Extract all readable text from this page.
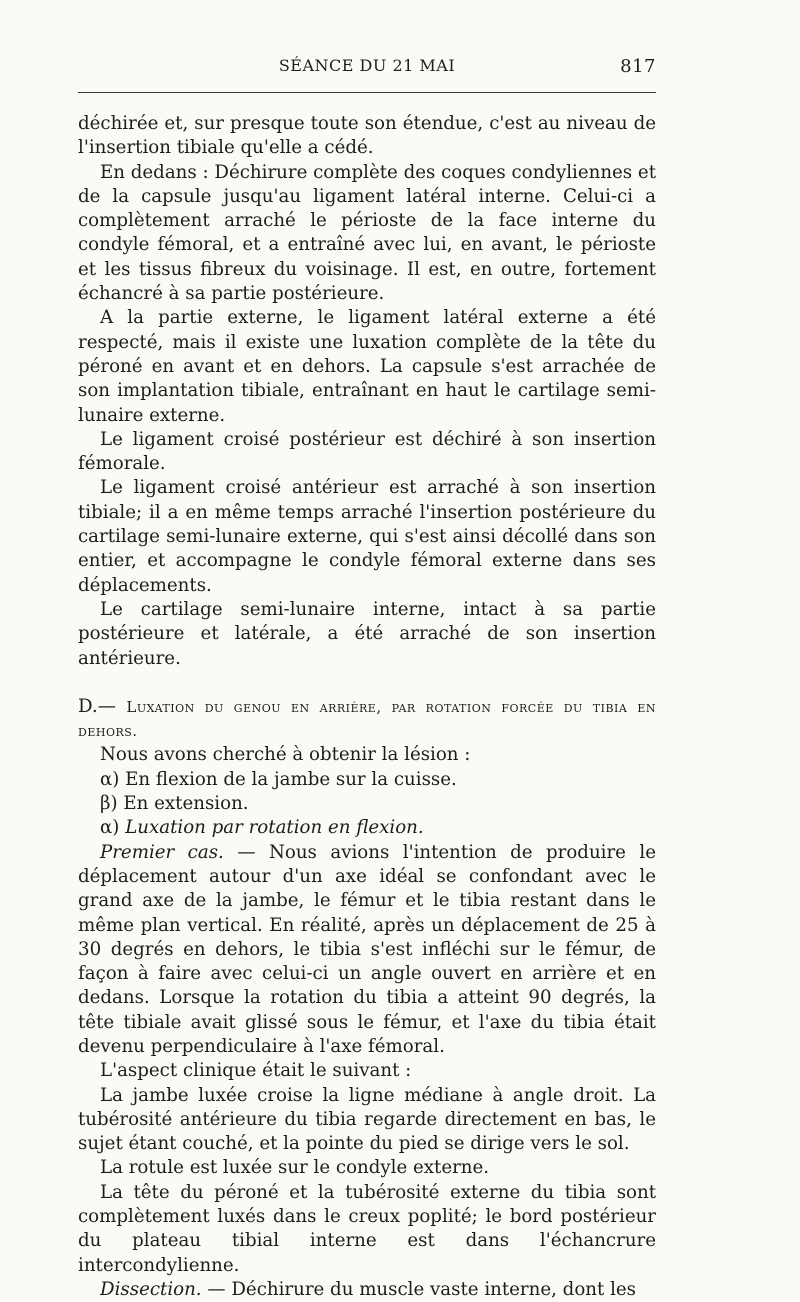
SÉANCE DU 21 MAI	817

déchirée et, sur presque toute son étendue, c'est au niveau de l'insertion tibiale qu'elle a cédé.

En dedans : Déchirure complète des coques condyliennes et de la capsule jusqu'au ligament latéral interne. Celui-ci a complètement arraché le périoste de la face interne du condyle fémoral, et a entraîné avec lui, en avant, le périoste et les tissus fibreux du voisinage. Il est, en outre, fortement échancré à sa partie postérieure.

A la partie externe, le ligament latéral externe a été respecté, mais il existe une luxation complète de la tête du péroné en avant et en dehors. La capsule s'est arrachée de son implantation tibiale, entraînant en haut le cartilage semi-lunaire externe.

Le ligament croisé postérieur est déchiré à son insertion fémorale.

Le ligament croisé antérieur est arraché à son insertion tibiale; il a en même temps arraché l'insertion postérieure du cartilage semi-lunaire externe, qui s'est ainsi décollé dans son entier, et accompagne le condyle fémoral externe dans ses déplacements.

Le cartilage semi-lunaire interne, intact à sa partie postérieure et latérale, a été arraché de son insertion antérieure.

D.— Luxation du genou en arrière, par rotation forcée du tibia en dehors.

Nous avons cherché à obtenir la lésion :

α) En flexion de la jambe sur la cuisse.

β) En extension.

α) Luxation par rotation en flexion.

Premier cas. — Nous avions l'intention de produire le déplacement autour d'un axe idéal se confondant avec le grand axe de la jambe, le fémur et le tibia restant dans le même plan vertical. En réalité, après un déplacement de 25 à 30 degrés en dehors, le tibia s'est infléchi sur le fémur, de façon à faire avec celui-ci un angle ouvert en arrière et en dedans. Lorsque la rotation du tibia a atteint 90 degrés, la tête tibiale avait glissé sous le fémur, et l'axe du tibia était devenu perpendiculaire à l'axe fémoral.

L'aspect clinique était le suivant :

La jambe luxée croise la ligne médiane à angle droit. La tubérosité antérieure du tibia regarde directement en bas, le sujet étant couché, et la pointe du pied se dirige vers le sol.

La rotule est luxée sur le condyle externe.

La tête du péroné et la tubérosité externe du tibia sont complètement luxés dans le creux poplité; le bord postérieur du plateau tibial interne est dans l'échancrure intercondylienne.

Dissection. — Déchirure du muscle vaste interne, dont les
